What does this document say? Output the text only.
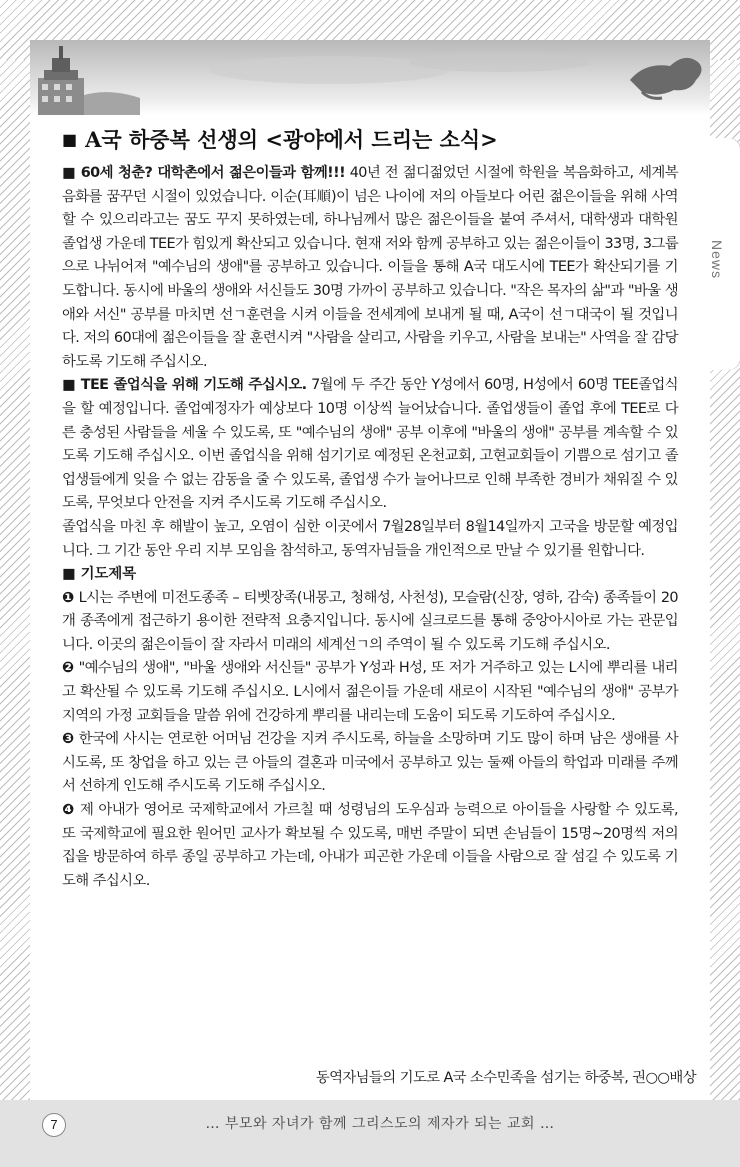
News
■ A국 하중복 선생의 <광야에서 드리는 소식>

■ 60세 청춘? 대학촌에서 젊은이들과 함께!!! 40년 전 젊디젊었던 시절에 학원을 복음화하고, 세계복음화를 꿈꾸던 시절이 있었습니다. 이순(耳順)이 넘은 나이에 저의 아들보다 어린 젊은이들을 위해 사역할 수 있으리라고는 꿈도 꾸지 못하였는데, 하나님께서 많은 젊은이들을 붙여 주셔서, 대학생과 대학원 졸업생 가운데 TEE가 힘있게 확산되고 있습니다. 현재 저와 함께 공부하고 있는 젊은이들이 33명, 3그룹으로 나뉘어져 "예수님의 생애"를 공부하고 있습니다. 이들을 통해 A국 대도시에 TEE가 확산되기를 기도합니다. 동시에 바울의 생애와 서신들도 30명 가까이 공부하고 있습니다. "작은 목자의 삶"과 "바울 생애와 서신" 공부를 마치면 선ㄱ훈련을 시켜 이들을 전세계에 보내게 될 때, A국이 선ㄱ대국이 될 것입니다. 저의 60대에 젊은이들을 잘 훈련시켜 "사람을 살리고, 사람을 키우고, 사람을 보내는" 사역을 잘 감당하도록 기도해 주십시오.

■ TEE 졸업식을 위해 기도해 주십시오. 7월에 두 주간 동안 Y성에서 60명, H성에서 60명 TEE졸업식을 할 예정입니다. 졸업예정자가 예상보다 10명 이상씩 늘어났습니다. 졸업생들이 졸업 후에 TEE로 다른 충성된 사람들을 세울 수 있도록, 또 "예수님의 생애" 공부 이후에 "바울의 생애" 공부를 계속할 수 있도록 기도해 주십시오. 이번 졸업식을 위해 섬기기로 예정된 온천교회, 고현교회들이 기쁨으로 섬기고 졸업생들에게 잊을 수 없는 감동을 줄 수 있도록, 졸업생 수가 늘어나므로 인해 부족한 경비가 채워질 수 있도록, 무엇보다 안전을 지켜 주시도록 기도해 주십시오.

졸업식을 마친 후 해발이 높고, 오염이 심한 이곳에서 7월28일부터 8월14일까지 고국을 방문할 예정입니다. 그 기간 동안 우리 지부 모임을 참석하고, 동역자님들을 개인적으로 만날 수 있기를 원합니다.

■ 기도제목

❶ L시는 주변에 미전도종족 – 티벳장족(내몽고, 청해성, 사천성), 모슬람(신장, 영하, 감숙) 종족들이 20개 종족에게 접근하기 용이한 전략적 요충지입니다. 동시에 실크로드를 통해 중앙아시아로 가는 관문입니다. 이곳의 젊은이들이 잘 자라서 미래의 세계선ㄱ의 주역이 될 수 있도록 기도해 주십시오.

❷ "예수님의 생애", "바울 생애와 서신들" 공부가 Y성과 H성, 또 저가 거주하고 있는 L시에 뿌리를 내리고 확산될 수 있도록 기도해 주십시오. L시에서 젊은이들 가운데 새로이 시작된 "예수님의 생애" 공부가 지역의 가정 교회들을 말씀 위에 건강하게 뿌리를 내리는데 도움이 되도록 기도하여 주십시오.

❸ 한국에 사시는 연로한 어머님 건강을 지켜 주시도록, 하늘을 소망하며 기도 많이 하며 남은 생애를 사시도록, 또 창업을 하고 있는 큰 아들의 결혼과 미국에서 공부하고 있는 둘째 아들의 학업과 미래를 주께서 선하게 인도해 주시도록 기도해 주십시오.

❹ 제 아내가 영어로 국제학교에서 가르칠 때 성령님의 도우심과 능력으로 아이들을 사랑할 수 있도록, 또 국제학교에 필요한 원어민 교사가 확보될 수 있도록, 매번 주말이 되면 손님들이 15명~20명씩 저의 집을 방문하여 하루 종일 공부하고 가는데, 아내가 피곤한 가운데 이들을 사람으로 잘 섬길 수 있도록 기도해 주십시오.

동역자님들의 기도로 A국 소수민족을 섬기는 하중복, 권○○배상
7	… 부모와 자녀가 함께 그리스도의 제자가 되는 교회 …
